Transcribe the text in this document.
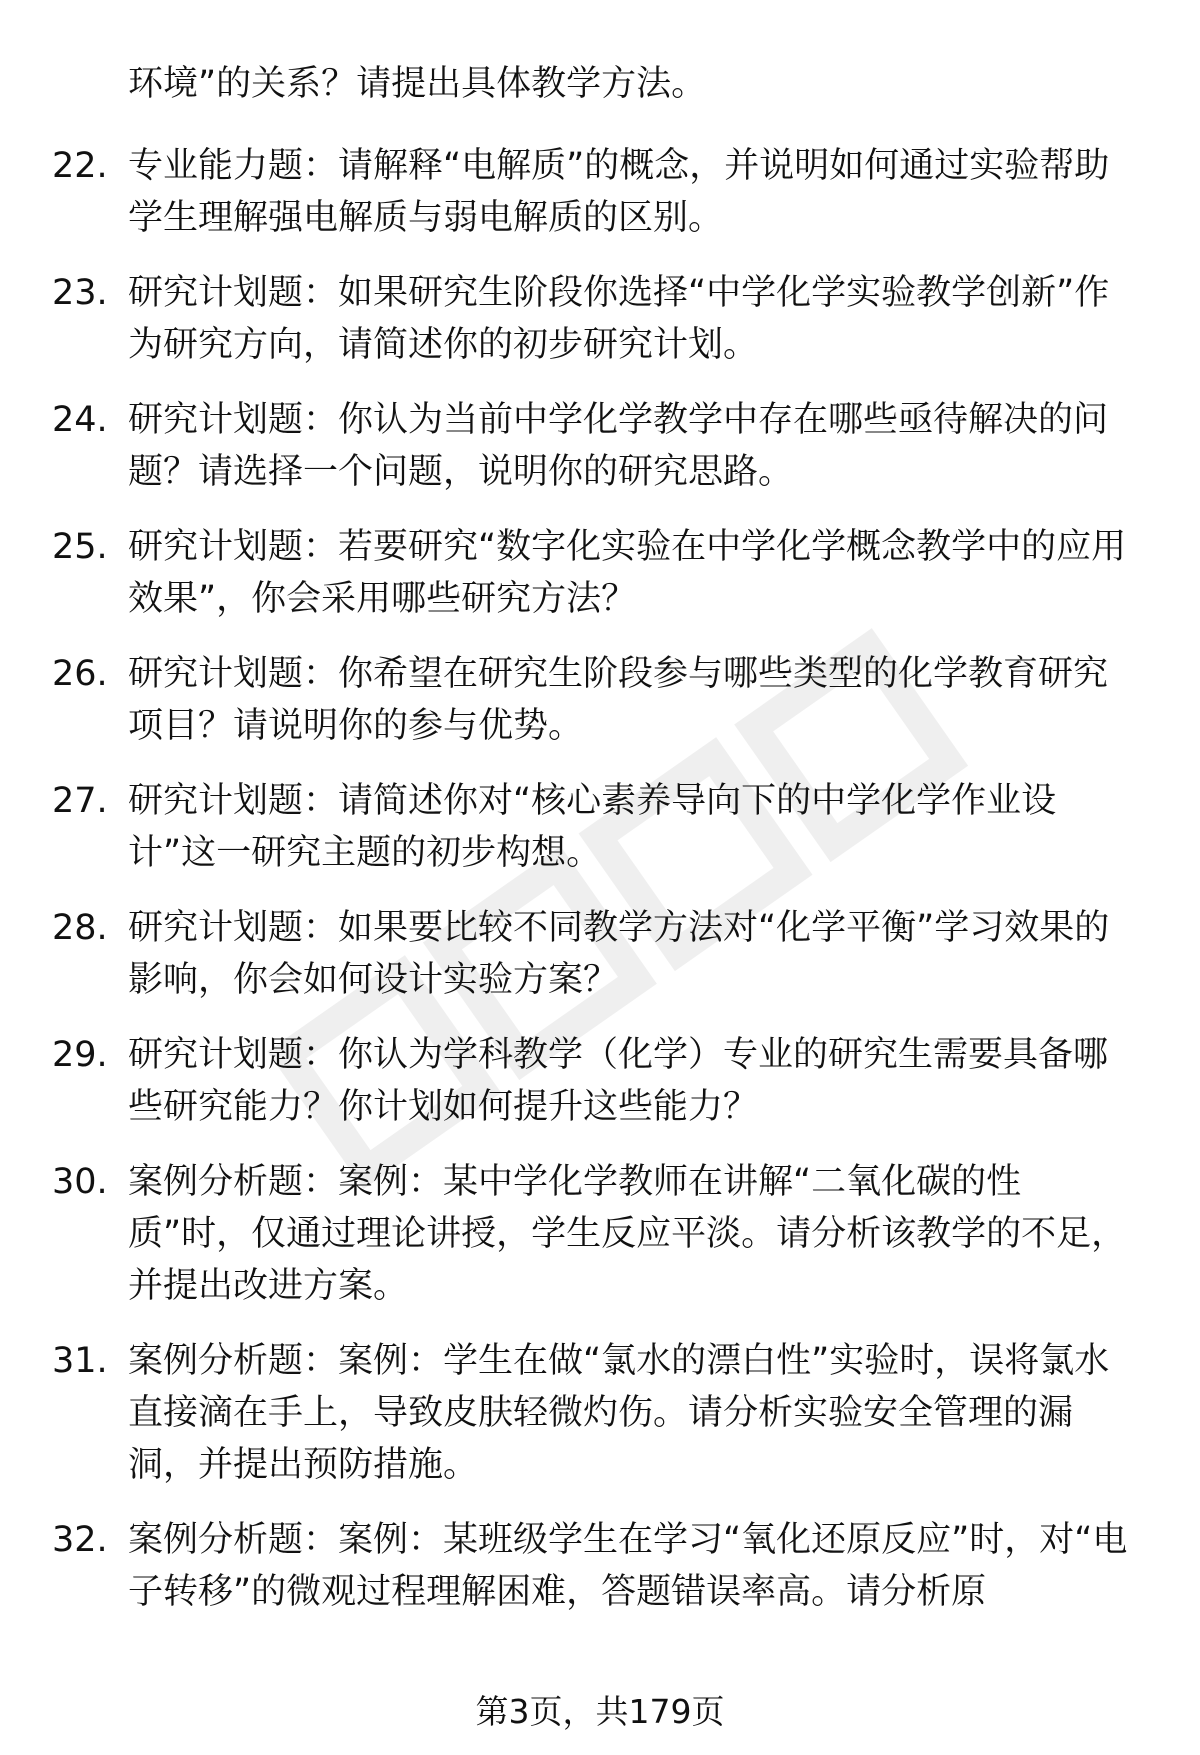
环境”的关系？请提出具体教学方法。
22. 专业能力题：请解释“电解质”的概念，并说明如何通过实验帮助学生理解强电解质与弱电解质的区别。
23. 研究计划题：如果研究生阶段你选择“中学化学实验教学创新”作为研究方向，请简述你的初步研究计划。
24. 研究计划题：你认为当前中学化学教学中存在哪些亟待解决的问题？请选择一个问题，说明你的研究思路。
25. 研究计划题：若要研究“数字化实验在中学化学概念教学中的应用效果”，你会采用哪些研究方法？
26. 研究计划题：你希望在研究生阶段参与哪些类型的化学教育研究项目？请说明你的参与优势。
27. 研究计划题：请简述你对“核心素养导向下的中学化学作业设计”这一研究主题的初步构想。
28. 研究计划题：如果要比较不同教学方法对“化学平衡”学习效果的影响，你会如何设计实验方案？
29. 研究计划题：你认为学科教学（化学）专业的研究生需要具备哪些研究能力？你计划如何提升这些能力？
30. 案例分析题：案例：某中学化学教师在讲解“二氧化碳的性质”时，仅通过理论讲授，学生反应平淡。请分析该教学的不足，并提出改进方案。
31. 案例分析题：案例：学生在做“氯水的漂白性”实验时，误将氯水直接滴在手上，导致皮肤轻微灼伤。请分析实验安全管理的漏洞，并提出预防措施。
32. 案例分析题：案例：某班级学生在学习“氧化还原反应”时，对“电子转移”的微观过程理解困难，答题错误率高。请分析原
第3页，共179页
